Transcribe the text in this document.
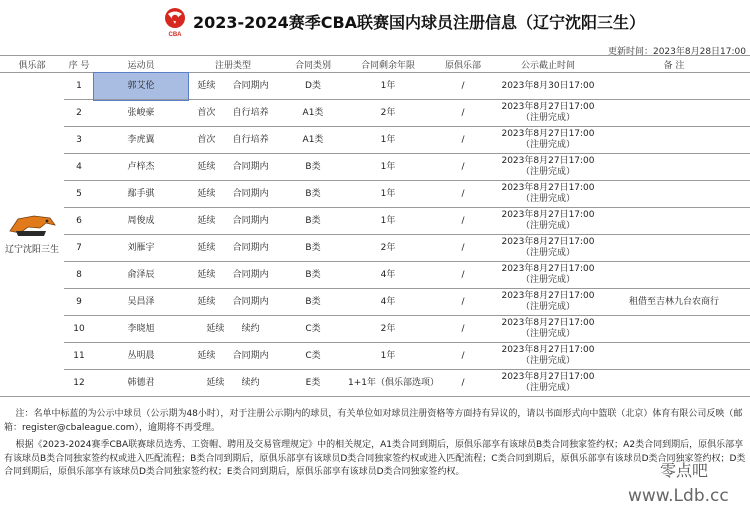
CBA
2023-2024赛季CBA联赛国内球员注册信息（辽宁沈阳三生）
更新时间：2023年8月28日17:00
俱乐部	序 号	运动员	注册类型	合同类别	合同剩余年限	原俱乐部	公示截止时间	备 注

辽宁沈阳三生	1	郭艾伦	延续 合同期内	D类	1年	/	2023年8月30日17:00	

	2	张峻豪	首次 自行培养	A1类	2年	/	2023年8月27日17:00
（注册完成）	

	3	李虎翼	首次 自行培养	A1类	1年	/	2023年8月27日17:00
（注册完成）	

	4	卢梓杰	延续 合同期内	B类	1年	/	2023年8月27日17:00
（注册完成）	

	5	鄢手骐	延续 合同期内	B类	1年	/	2023年8月27日17:00
（注册完成）	

	6	周俊成	延续 合同期内	B类	1年	/	2023年8月27日17:00
（注册完成）	

	7	刘雁宇	延续 合同期内	B类	2年	/	2023年8月27日17:00
（注册完成）	

	8	俞泽辰	延续 合同期内	B类	4年	/	2023年8月27日17:00
（注册完成）	

	9	吴昌泽	延续 合同期内	B类	4年	/	2023年8月27日17:00
（注册完成）	租借至吉林九台农商行
	10	李晓旭	延续 续约	C类	2年	/	2023年8月27日17:00
（注册完成）	

	11	丛明晨	延续 合同期内	C类	1年	/	2023年8月27日17:00
（注册完成）	

	12	韩德君	延续 续约	E类	1+1年（俱乐部选项）	/	2023年8月27日17:00
（注册完成）	

注：名单中标蓝的为公示中球员（公示期为48小时），对于注册公示期内的球员，有关单位如对球员注册资格等方面持有异议的，请以书面形式向中篮联（北京）体育有限公司反映（邮箱：register@cbaleague.com），逾期将不再受理。

根据《2023-2024赛季CBA联赛球员选秀、工资帽、聘用及交易管理规定》中的相关规定，A1类合同到期后，原俱乐部享有该球员B类合同独家签约权；A2类合同到期后，原俱乐部享有该球员B类合同独家签约权或进入匹配流程；B类合同到期后，原俱乐部享有该球员D类合同独家签约权或进入匹配流程；C类合同到期后，原俱乐部享有该球员D类合同独家签约权；D类合同到期后，原俱乐部享有该球员D类合同独家签约权；E类合同到期后，原俱乐部享有该球员D类合同独家签约权。	零点吧
www.Ldb.cc
